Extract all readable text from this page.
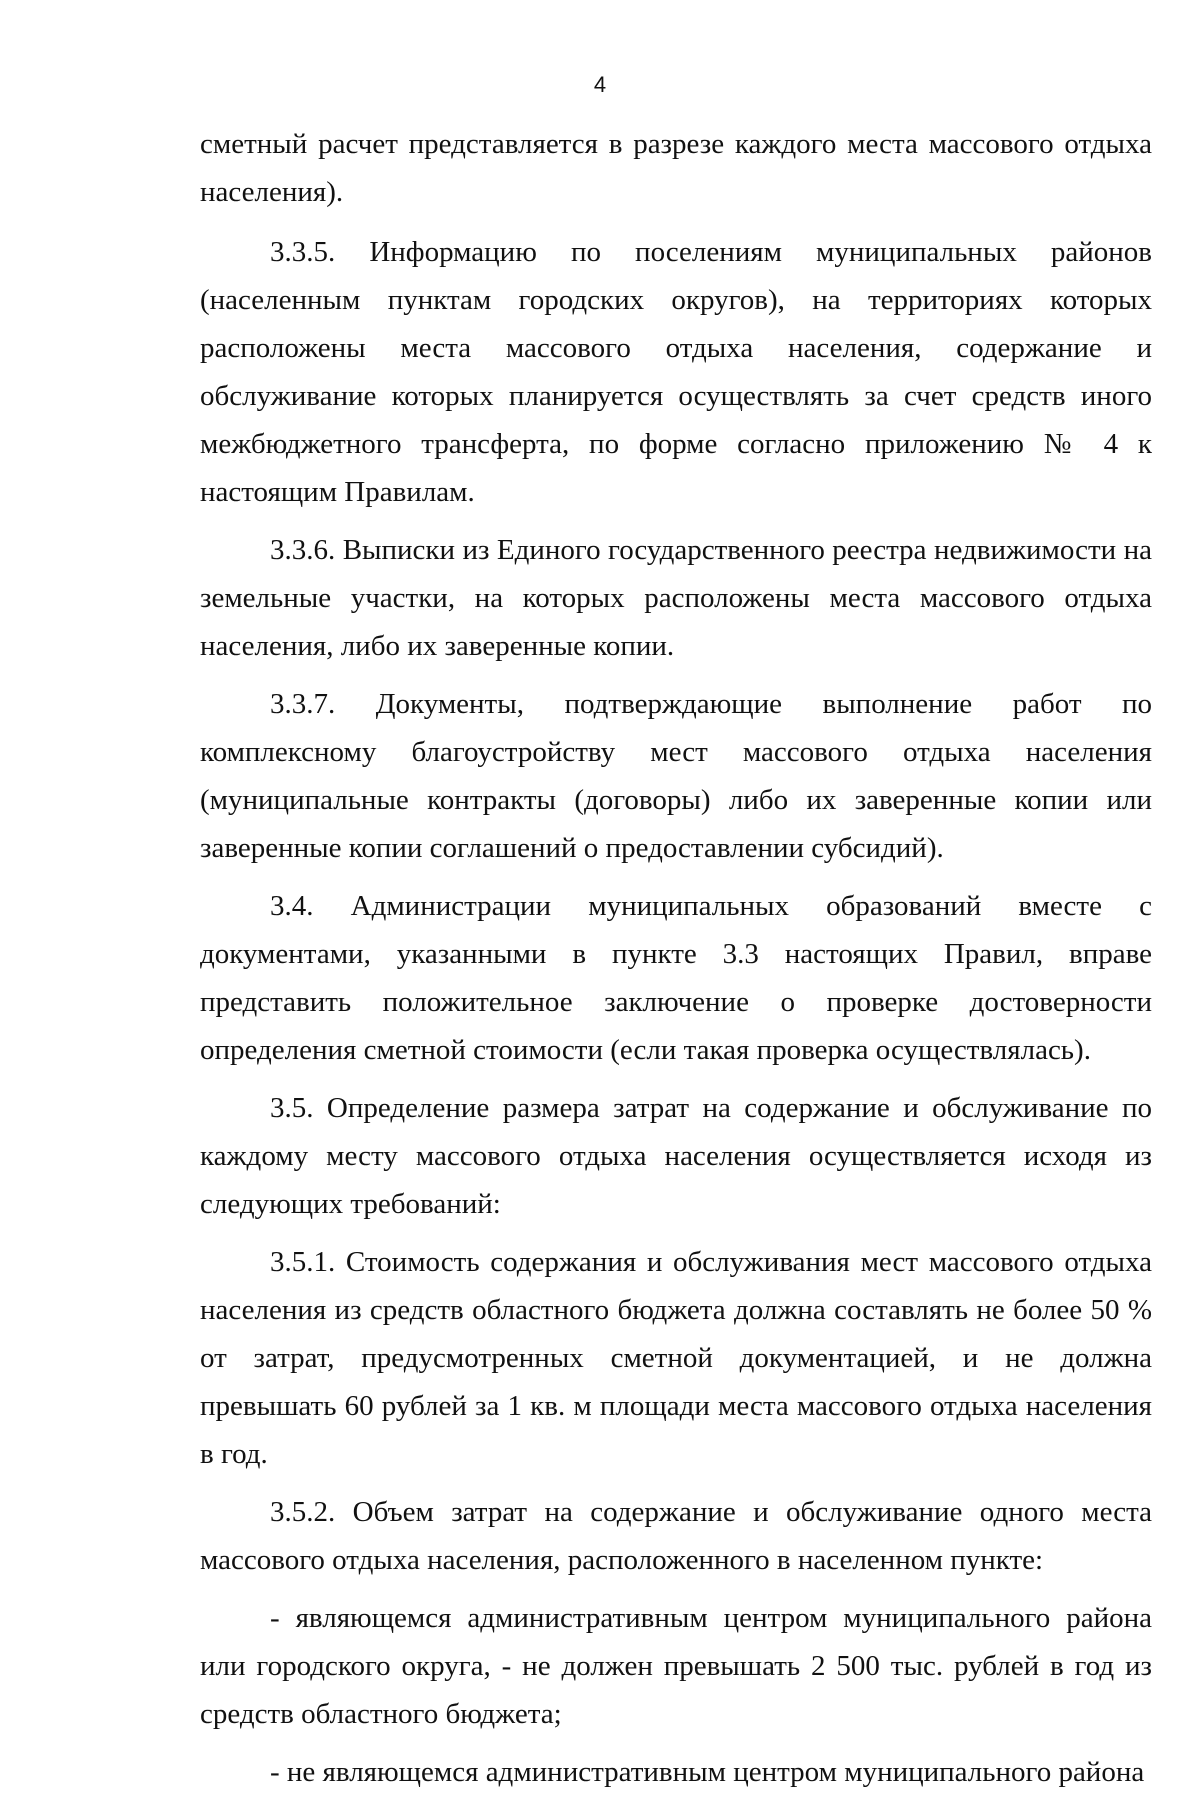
4

сметный расчет представляется в разрезе каждого места массового отдыха населения).

3.3.5. Информацию по поселениям муниципальных районов (населенным пунктам городских округов), на территориях которых расположены места массового отдыха населения, содержание и обслуживание которых планируется осуществлять за счет средств иного межбюджетного трансферта, по форме согласно приложению № 4 к настоящим Правилам.

3.3.6. Выписки из Единого государственного реестра недвижимости на земельные участки, на которых расположены места массового отдыха населения, либо их заверенные копии.

3.3.7. Документы, подтверждающие выполнение работ по комплексному благоустройству мест массового отдыха населения (муниципальные контракты (договоры) либо их заверенные копии или заверенные копии соглашений о предоставлении субсидий).

3.4. Администрации муниципальных образований вместе с документами, указанными в пункте 3.3 настоящих Правил, вправе представить положительное заключение о проверке достоверности определения сметной стоимости (если такая проверка осуществлялась).

3.5. Определение размера затрат на содержание и обслуживание по каждому месту массового отдыха населения осуществляется исходя из следующих требований:

3.5.1. Стоимость содержания и обслуживания мест массового отдыха населения из средств областного бюджета должна составлять не более 50 % от затрат, предусмотренных сметной документацией, и не должна превышать 60 рублей за 1 кв. м площади места массового отдыха населения в год.

3.5.2. Объем затрат на содержание и обслуживание одного места массового отдыха населения, расположенного в населенном пункте:

- являющемся административным центром муниципального района или городского округа, - не должен превышать 2 500 тыс. рублей в год из средств областного бюджета;

- не являющемся административным центром муниципального района
